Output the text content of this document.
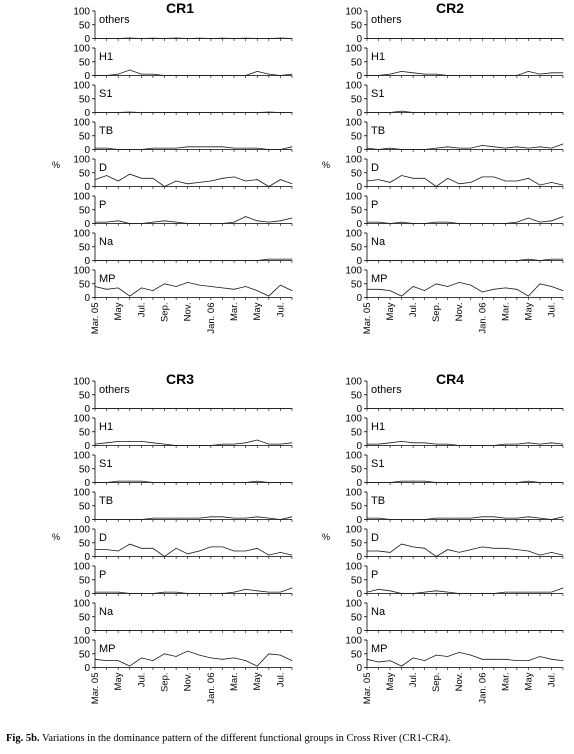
CR1
%
100
50
0
others
100
50
0
H1
100
50
0
S1
100
50
0
TB
100
50
0
D
100
50
0
P
100
50
0
Na
100
50
0
MP
Mar. 05 May Jul. Sep. Nov. Jan. 06 Mar. May Jul.
CR2
%
100
50
0
others
100
50
0
H1
100
50
0
S1
100
50
0
TB
100
50
0
D
100
50
0
P
100
50
0
Na
100
50
0
MP
Mar. 05 May Jul. Sep. Nov. Jan. 06 Mar. May Jul.
CR3
%
100
50
0
others
100
50
0
H1
100
50
0
S1
100
50
0
TB
100
50
0
D
100
50
0
P
100
50
0
Na
100
50
0
MP
Mar. 05 May Jul. Sep. Nov. Jan. 06 Mar. May Jul.
CR4
%
100
50
0
others
100
50
0
H1
100
50
0
S1
100
50
0
TB
100
50
0
D
100
50
0
P
100
50
0
Na
100
50
0
MP
Mar. 05 May Jul. Sep. Nov. Jan. 06 Mar. May Jul.
Fig. 5b. Variations in the dominance pattern of the different functional groups in Cross River (CR1-CR4).
